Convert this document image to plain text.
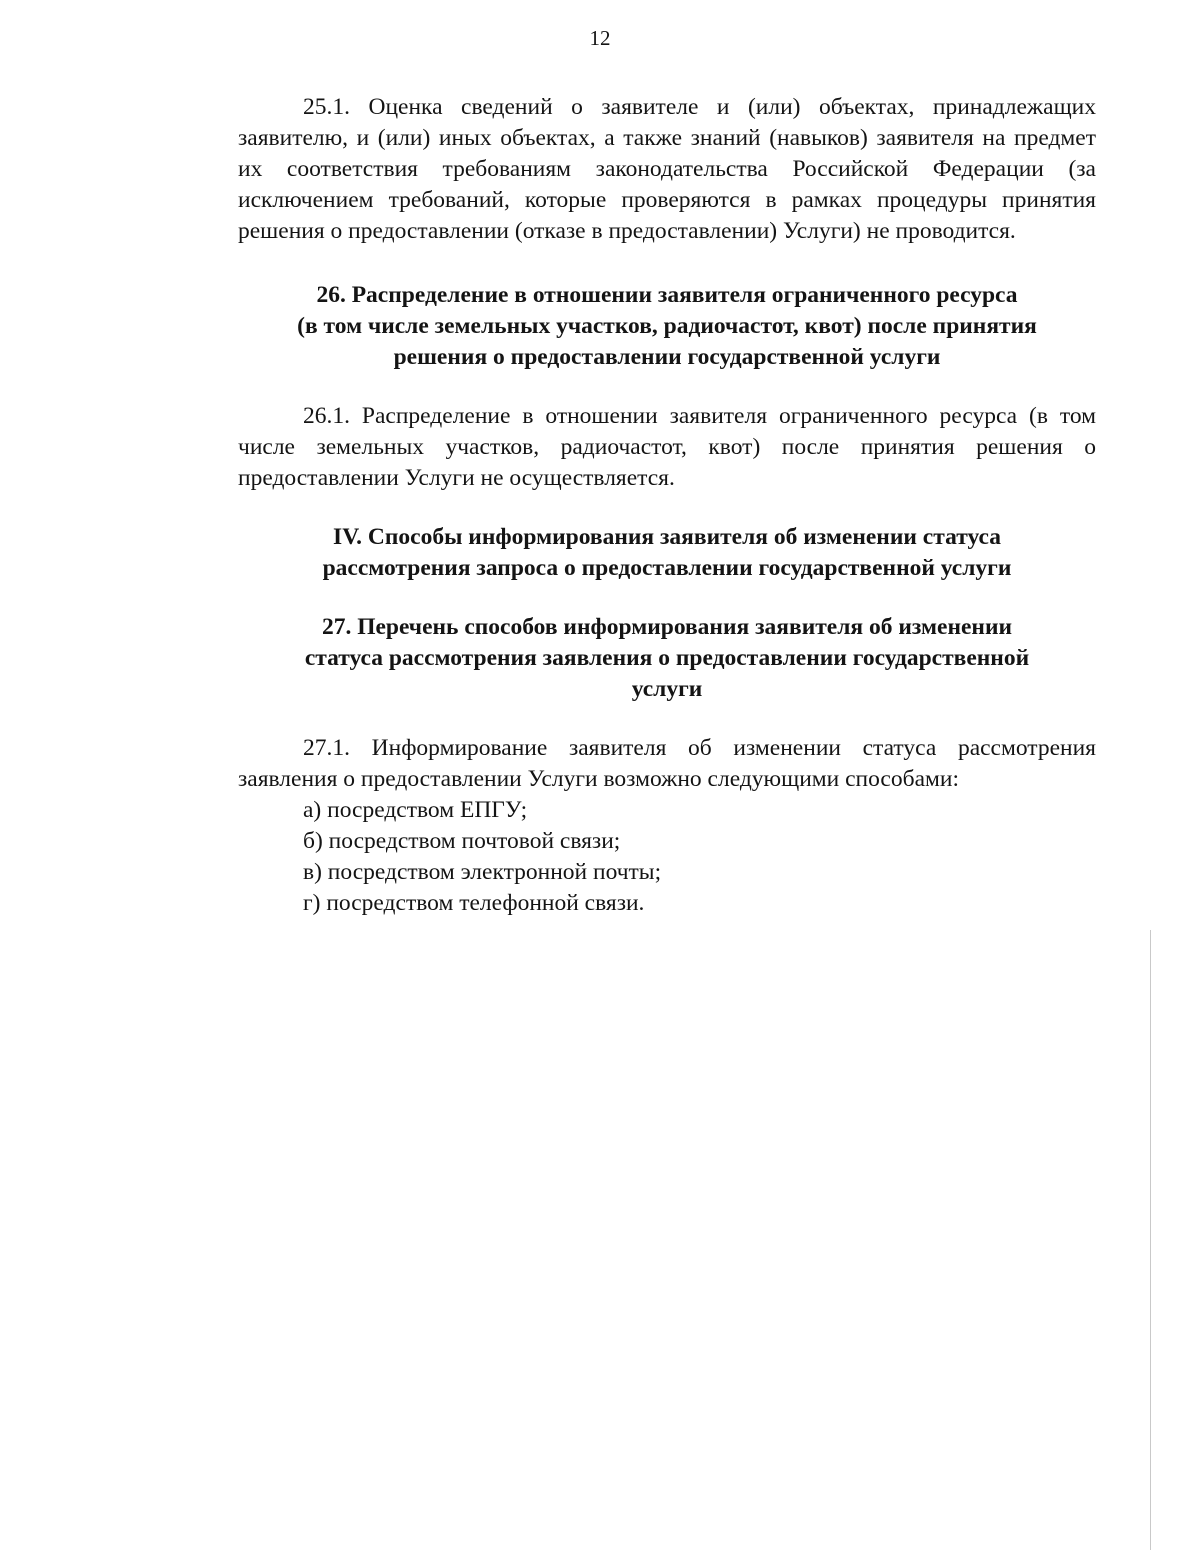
12

25.1. Оценка сведений о заявителе и (или) объектах, принадлежащих заявителю, и (или) иных объектах, а также знаний (навыков) заявителя на предмет их соответствия требованиям законодательства Российской Федерации (за исключением требований, которые проверяются в рамках процедуры принятия решения о предоставлении (отказе в предоставлении) Услуги) не проводится.

26. Распределение в отношении заявителя ограниченного ресурса
(в том числе земельных участков, радиочастот, квот) после принятия
решения о предоставлении государственной услуги

26.1. Распределение в отношении заявителя ограниченного ресурса (в том числе земельных участков, радиочастот, квот) после принятия решения о предоставлении Услуги не осуществляется.

IV. Способы информирования заявителя об изменении статуса
рассмотрения запроса о предоставлении государственной услуги
27. Перечень способов информирования заявителя об изменении
статуса рассмотрения заявления о предоставлении государственной
услуги

27.1. Информирование заявителя об изменении статуса рассмотрения заявления о предоставлении Услуги возможно следующими способами:

а) посредством ЕПГУ;
б) посредством почтовой связи;
в) посредством электронной почты;
г) посредством телефонной связи.
